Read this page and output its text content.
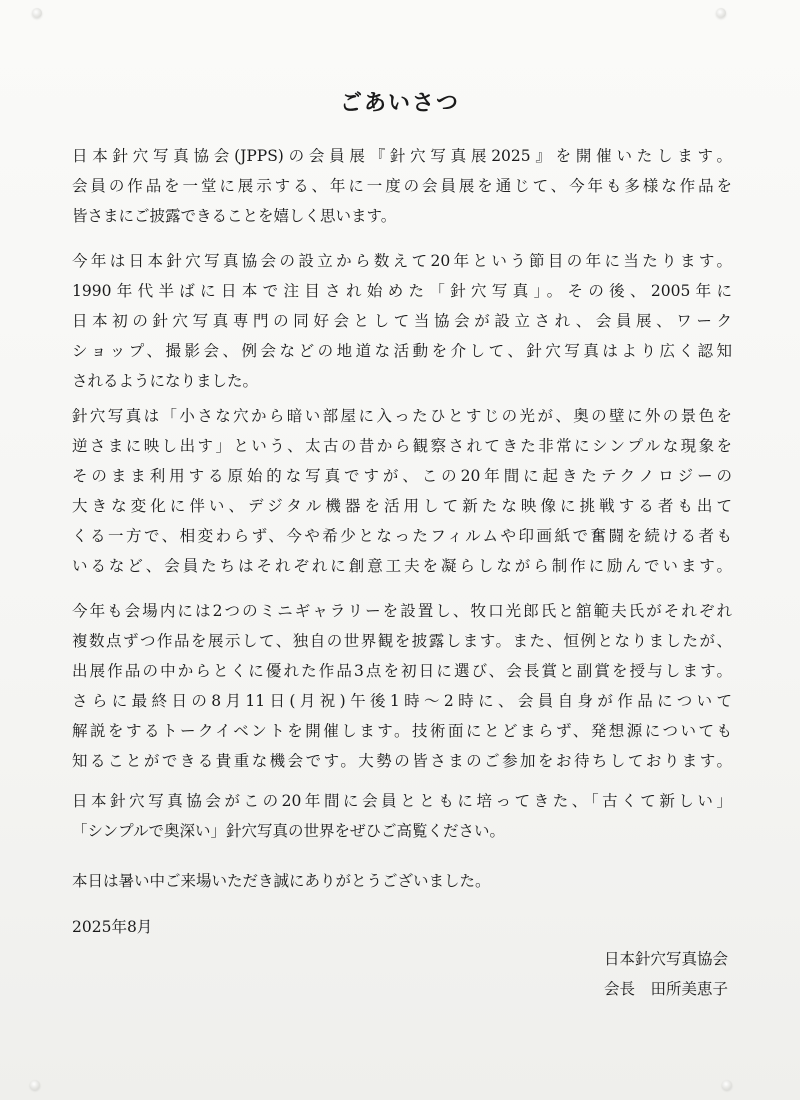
ごあいさつ

日本針穴写真協会(JPPS)の会員展『針穴写真展2025』を開催いたします。
会員の作品を一堂に展示する、年に一度の会員展を通じて、今年も多様な作品を
皆さまにご披露できることを嬉しく思います。

今年は日本針穴写真協会の設立から数えて20年という節目の年に当たります。
1990年代半ばに日本で注目され始めた「針穴写真」。その後、2005年に
日本初の針穴写真専門の同好会として当協会が設立され、会員展、ワーク
ショップ、撮影会、例会などの地道な活動を介して、針穴写真はより広く認知
されるようになりました。

針穴写真は「小さな穴から暗い部屋に入ったひとすじの光が、奥の壁に外の景色を
逆さまに映し出す」という、太古の昔から観察されてきた非常にシンプルな現象を
そのまま利用する原始的な写真ですが、この20年間に起きたテクノロジーの
大きな変化に伴い、デジタル機器を活用して新たな映像に挑戦する者も出て
くる一方で、相変わらず、今や希少となったフィルムや印画紙で奮闘を続ける者も
いるなど、会員たちはそれぞれに創意工夫を凝らしながら制作に励んでいます。

今年も会場内には2つのミニギャラリーを設置し、牧口光郎氏と舘範夫氏がそれぞれ
複数点ずつ作品を展示して、独自の世界観を披露します。また、恒例となりましたが、
出展作品の中からとくに優れた作品3点を初日に選び、会長賞と副賞を授与します。
さらに最終日の8月11日(月祝)午後1時〜2時に、会員自身が作品について
解説をするトークイベントを開催します。技術面にとどまらず、発想源についても
知ることができる貴重な機会です。大勢の皆さまのご参加をお待ちしております。

日本針穴写真協会がこの20年間に会員とともに培ってきた、「古くて新しい」
「シンプルで奥深い」針穴写真の世界をぜひご高覧ください。

本日は暑い中ご来場いただき誠にありがとうございました。

2025年8月
日本針穴写真協会
会長　田所美恵子
